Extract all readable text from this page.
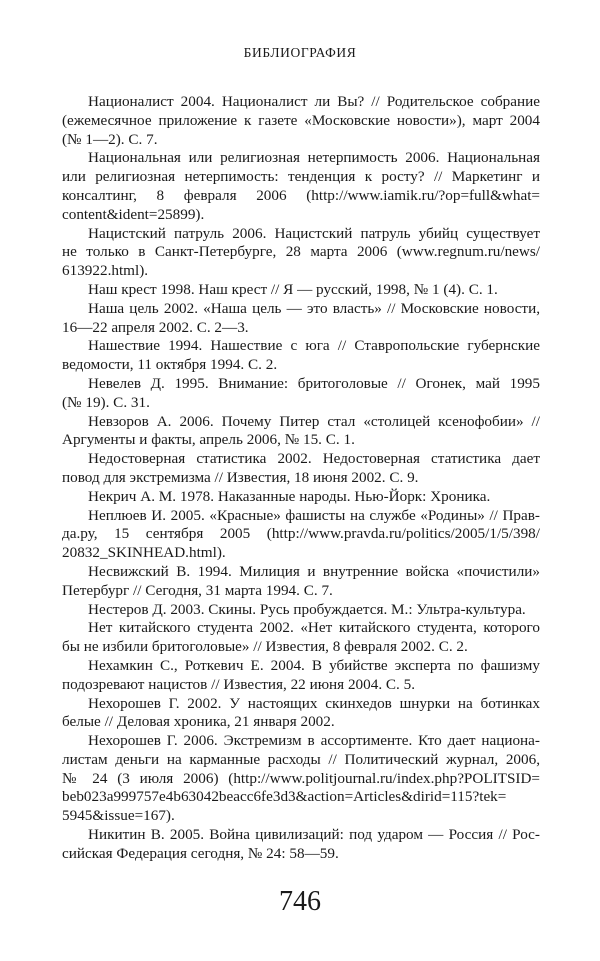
БИБЛИОГРАФИЯ
Националист 2004. Националист ли Вы? // Родительское собрание
(ежемесячное приложение к газете «Московские новости»), март 2004
(№ 1—2). С. 7.
Национальная или религиозная нетерпимость 2006. Национальная
или религиозная нетерпимость: тенденция к росту? // Маркетинг и
консалтинг, 8 февраля 2006 (http://www.iamik.ru/?op=full&what=
content&ident=25899).
Нацистский патруль 2006. Нацистский патруль убийц существует
не только в Санкт-Петербурге, 28 марта 2006 (www.regnum.ru/news/
613922.html).
Наш крест 1998. Наш крест // Я — русский, 1998, № 1 (4). С. 1.
Наша цель 2002. «Наша цель — это власть» // Московские новости,
16—22 апреля 2002. С. 2—3.
Нашествие 1994. Нашествие с юга // Ставропольские губернские
ведомости, 11 октября 1994. С. 2.
Невелев Д. 1995. Внимание: бритоголовые // Огонек, май 1995
(№ 19). С. 31.
Невзоров А. 2006. Почему Питер стал «столицей ксенофобии» //
Аргументы и факты, апрель 2006, № 15. С. 1.
Недостоверная статистика 2002. Недостоверная статистика дает
повод для экстремизма // Известия, 18 июня 2002. С. 9.
Некрич А. М. 1978. Наказанные народы. Нью-Йорк: Хроника.
Неплюев И. 2005. «Красные» фашисты на службе «Родины» // Прав-
да.ру, 15 сентября 2005 (http://www.pravda.ru/politics/2005/1/5/398/
20832_SKINHEAD.html).
Несвижский В. 1994. Милиция и внутренние войска «почистили»
Петербург // Сегодня, 31 марта 1994. С. 7.
Нестеров Д. 2003. Скины. Русь пробуждается. М.: Ультра-культура.
Нет китайского студента 2002. «Нет китайского студента, которого
бы не избили бритоголовые» // Известия, 8 февраля 2002. С. 2.
Нехамкин С., Роткевич Е. 2004. В убийстве эксперта по фашизму
подозревают нацистов // Известия, 22 июня 2004. С. 5.
Нехорошев Г. 2002. У настоящих скинхедов шнурки на ботинках
белые // Деловая хроника, 21 января 2002.
Нехорошев Г. 2006. Экстремизм в ассортименте. Кто дает национа-
листам деньги на карманные расходы // Политический журнал, 2006,
№ 24 (3 июля 2006) (http://www.politjournal.ru/index.php?POLITSID=
beb023a999757e4b63042beacc6fe3d3&action=Articles&dirid=115?tek=
5945&issue=167).
Никитин В. 2005. Война цивилизаций: под ударом — Россия // Рос-
сийская Федерация сегодня, № 24: 58—59.
746
